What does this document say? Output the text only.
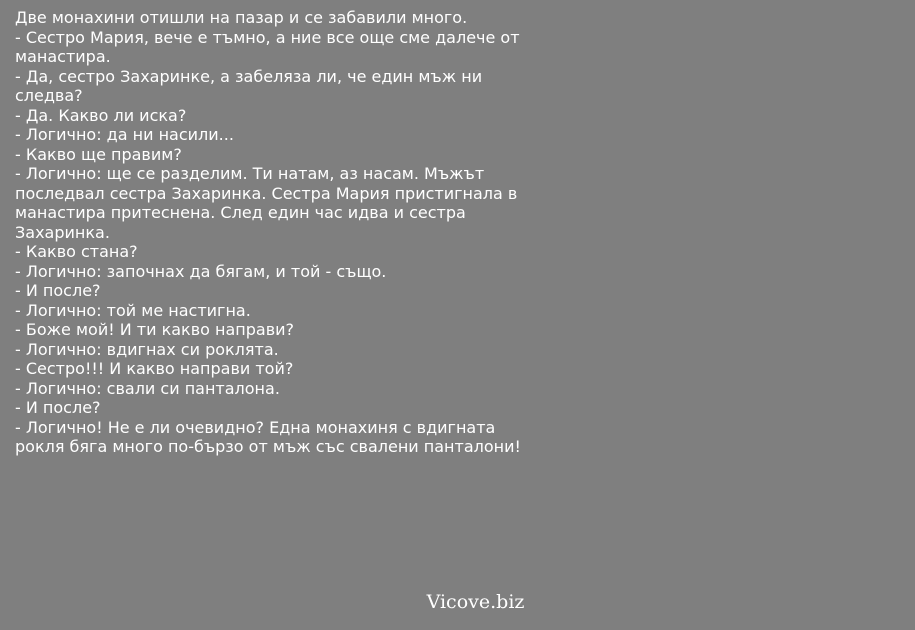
Две монахини отишли на пазар и се забавили много.
- Сестро Мария, вече е тъмно, а ние все още сме далече от
манастира.
- Да, сестро Захаринке, а забеляза ли, че един мъж ни
следва?
- Да. Какво ли иска?
- Логично: да ни насили...
- Какво ще правим?
- Логично: ще се разделим. Ти натам, аз насам. Мъжът
последвал сестра Захаринка. Сестра Мария пристигнала в
манастира притеснена. След един час идва и сестра
Захаринка.
- Какво стана?
- Логично: започнах да бягам, и той - също.
- И после?
- Логично: той ме настигна.
- Боже мой! И ти какво направи?
- Логично: вдигнах си роклята.
- Сестро!!! И какво направи той?
- Логично: свали си панталона.
- И после?
- Логично! Не е ли очевидно? Една монахиня с вдигната
рокля бяга много по-бързо от мъж със свалени панталони!
Vicove.biz
